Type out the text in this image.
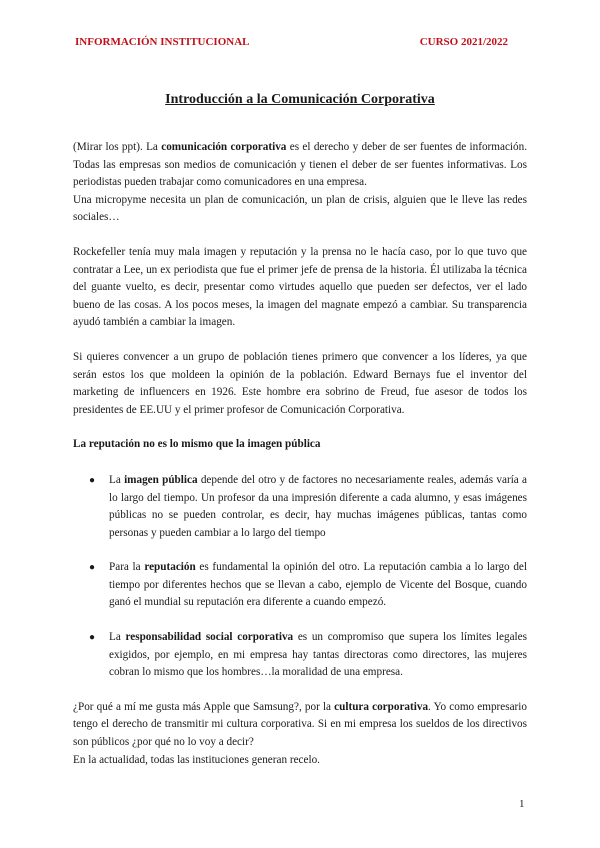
INFORMACIÓN INSTITUCIONAL	CURSO 2021/2022
Introducción a la Comunicación Corporativa

(Mirar los ppt). La comunicación corporativa es el derecho y deber de ser fuentes de información. Todas las empresas son medios de comunicación y tienen el deber de ser fuentes informativas. Los periodistas pueden trabajar como comunicadores en una empresa.

Una micropyme necesita un plan de comunicación, un plan de crisis, alguien que le lleve las redes sociales…

Rockefeller tenía muy mala imagen y reputación y la prensa no le hacía caso, por lo que tuvo que contratar a Lee, un ex periodista que fue el primer jefe de prensa de la historia. Él utilizaba la técnica del guante vuelto, es decir, presentar como virtudes aquello que pueden ser defectos, ver el lado bueno de las cosas. A los pocos meses, la imagen del magnate empezó a cambiar. Su transparencia ayudó también a cambiar la imagen.

Si quieres convencer a un grupo de población tienes primero que convencer a los líderes, ya que serán estos los que moldeen la opinión de la población. Edward Bernays fue el inventor del marketing de influencers en 1926. Este hombre era sobrino de Freud, fue asesor de todos los presidentes de EE.UU y el primer profesor de Comunicación Corporativa.

La reputación no es lo mismo que la imagen pública
● La imagen pública depende del otro y de factores no necesariamente reales, además varía a lo largo del tiempo. Un profesor da una impresión diferente a cada alumno, y esas imágenes públicas no se pueden controlar, es decir, hay muchas imágenes públicas, tantas como personas y pueden cambiar a lo largo del tiempo
● Para la reputación es fundamental la opinión del otro. La reputación cambia a lo largo del tiempo por diferentes hechos que se llevan a cabo, ejemplo de Vicente del Bosque, cuando ganó el mundial su reputación era diferente a cuando empezó.
● La responsabilidad social corporativa es un compromiso que supera los límites legales exigidos, por ejemplo, en mi empresa hay tantas directoras como directores, las mujeres cobran lo mismo que los hombres…la moralidad de una empresa.

¿Por qué a mí me gusta más Apple que Samsung?, por la cultura corporativa. Yo como empresario tengo el derecho de transmitir mi cultura corporativa. Si en mi empresa los sueldos de los directivos son públicos ¿por qué no lo voy a decir?

En la actualidad, todas las instituciones generan recelo.

1
